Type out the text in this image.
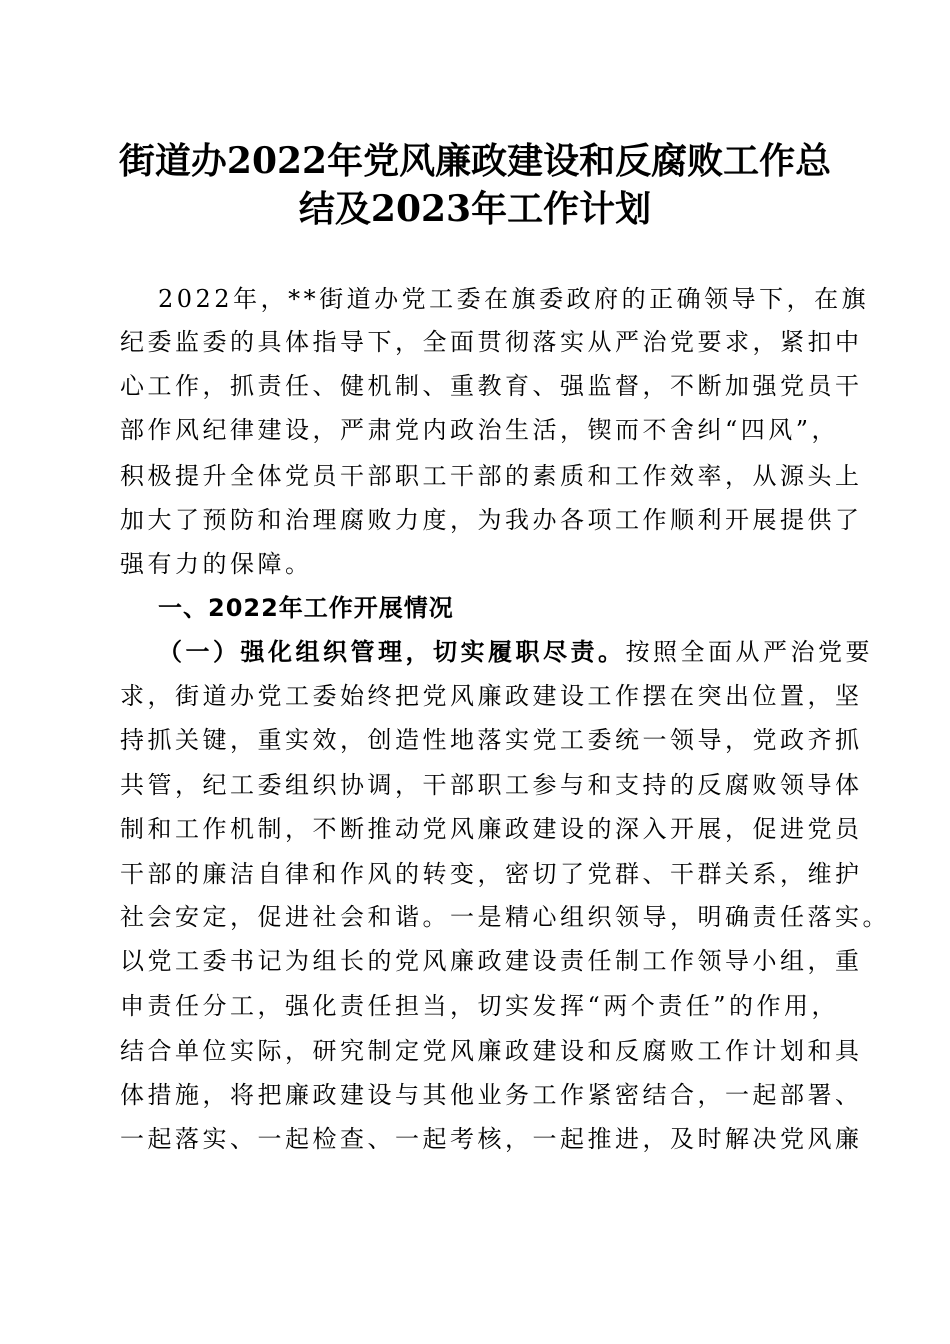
街道办2022年党风廉政建设和反腐败工作总
结及2023年工作计划
2022年，**街道办党工委在旗委政府的正确领导下，在旗
纪委监委的具体指导下，全面贯彻落实从严治党要求，紧扣中
心工作，抓责任、健机制、重教育、强监督，不断加强党员干
部作风纪律建设，严肃党内政治生活，锲而不舍纠“四风”，
积极提升全体党员干部职工干部的素质和工作效率，从源头上
加大了预防和治理腐败力度，为我办各项工作顺利开展提供了
强有力的保障。
一、2022年工作开展情况
（一）强化组织管理，切实履职尽责。按照全面从严治党要
求，街道办党工委始终把党风廉政建设工作摆在突出位置，坚
持抓关键，重实效，创造性地落实党工委统一领导，党政齐抓
共管，纪工委组织协调，干部职工参与和支持的反腐败领导体
制和工作机制，不断推动党风廉政建设的深入开展，促进党员
干部的廉洁自律和作风的转变，密切了党群、干群关系，维护
社会安定，促进社会和谐。一是精心组织领导，明确责任落实。
以党工委书记为组长的党风廉政建设责任制工作领导小组，重
申责任分工，强化责任担当，切实发挥“两个责任”的作用，
结合单位实际，研究制定党风廉政建设和反腐败工作计划和具
体措施，将把廉政建设与其他业务工作紧密结合，一起部署、
一起落实、一起检查、一起考核，一起推进，及时解决党风廉
